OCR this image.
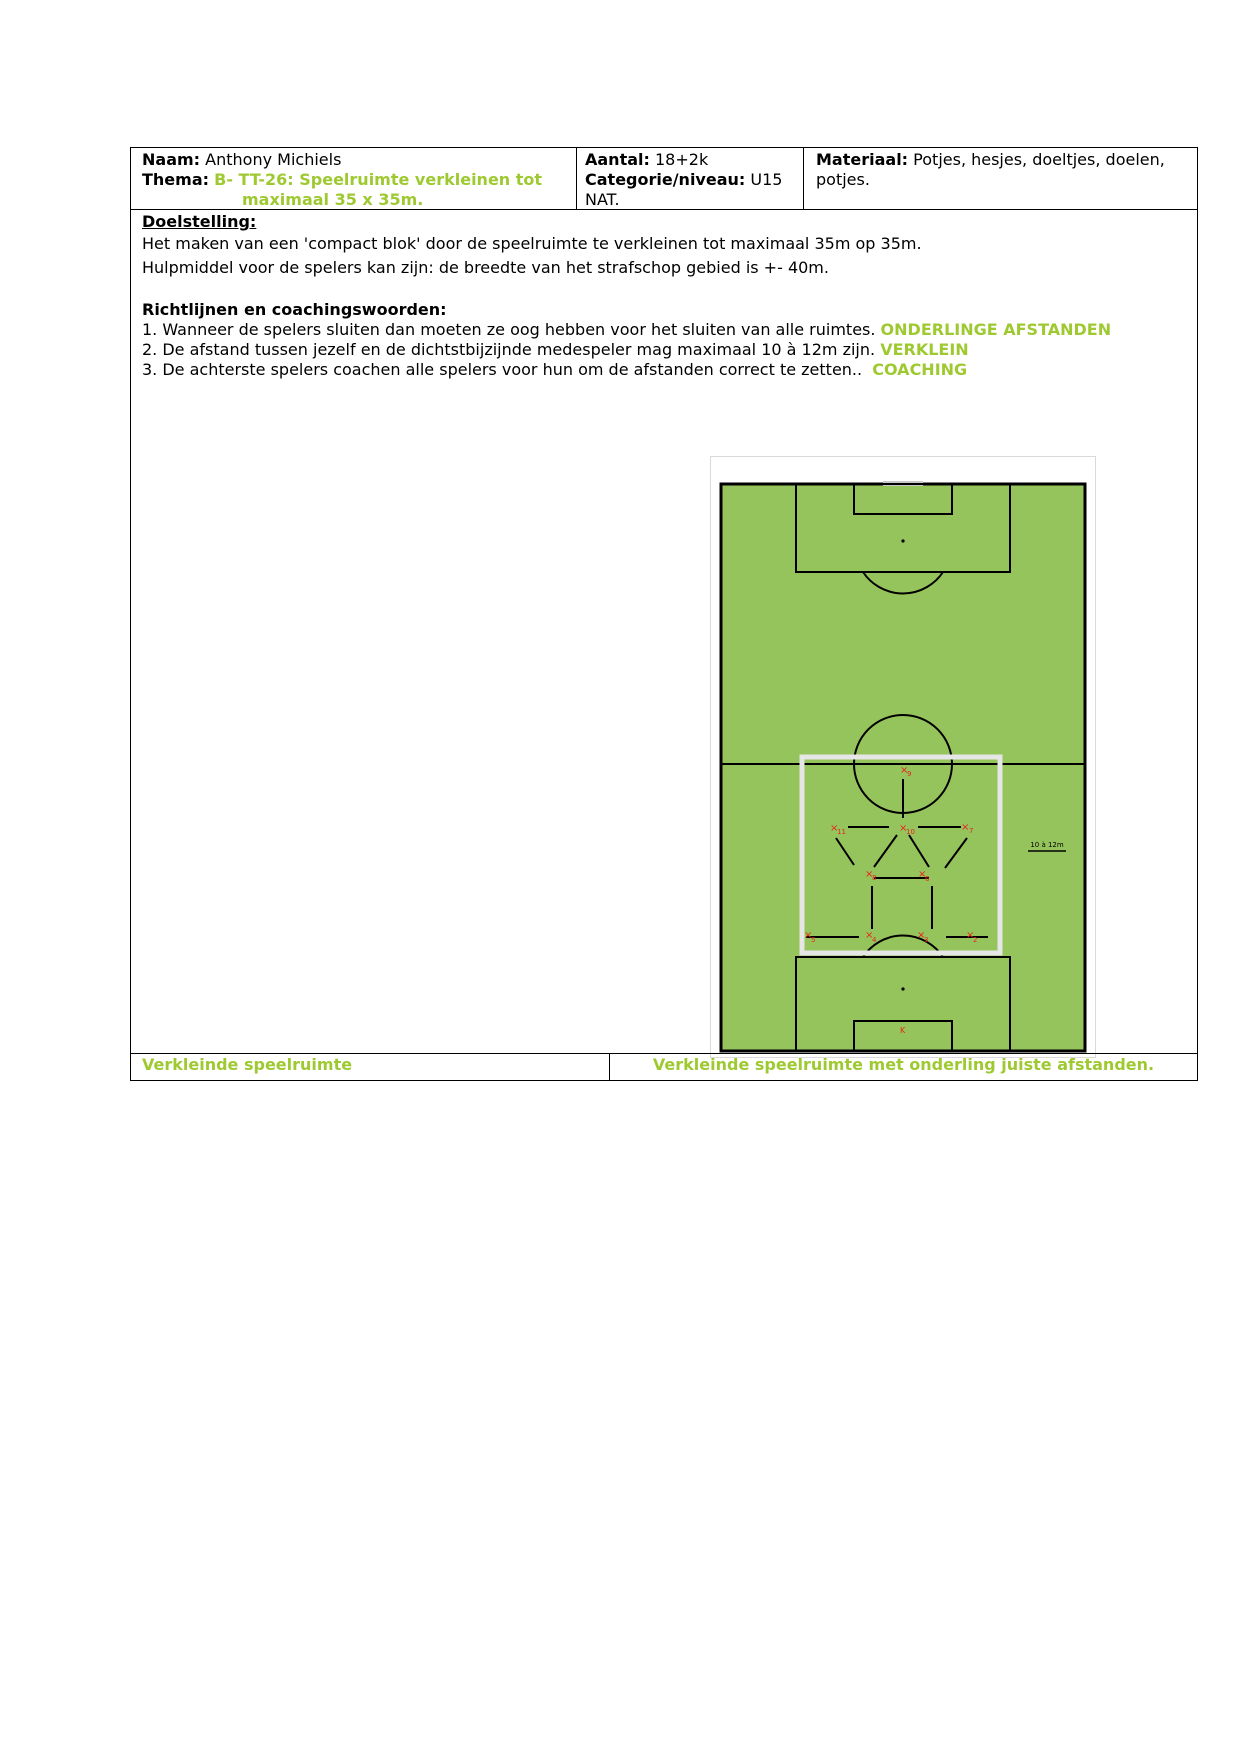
Naam: Anthony Michiels
Thema: B- TT-26: Speelruimte verkleinen tot
maximaal 35 x 35m.
Aantal: 18+2k
Categorie/niveau: U15
NAT.
Materiaal: Potjes, hesjes, doeltjes, doelen,
potjes.
Doelstelling:
Het maken van een 'compact blok' door de speelruimte te verkleinen tot maximaal 35m op 35m.
Hulpmiddel voor de spelers kan zijn: de breedte van het strafschop gebied is +- 40m.
Richtlijnen en coachingswoorden:
1. Wanneer de spelers sluiten dan moeten ze oog hebben voor het sluiten van alle ruimtes. ONDERLINGE AFSTANDEN
2. De afstand tussen jezelf en de dichtstbijzijnde medespeler mag maximaal 10 à 12m zijn. VERKLEIN
3. De achterste spelers coachen alle spelers voor hun om de afstanden correct te zetten.. COACHING
10 à 12m
×
9
×
11	×
10	× 7
×
8	×
6
×
5	×
4	×
3	×
2
K
Verkleinde speelruimte	Verkleinde speelruimte met onderling juiste afstanden.
